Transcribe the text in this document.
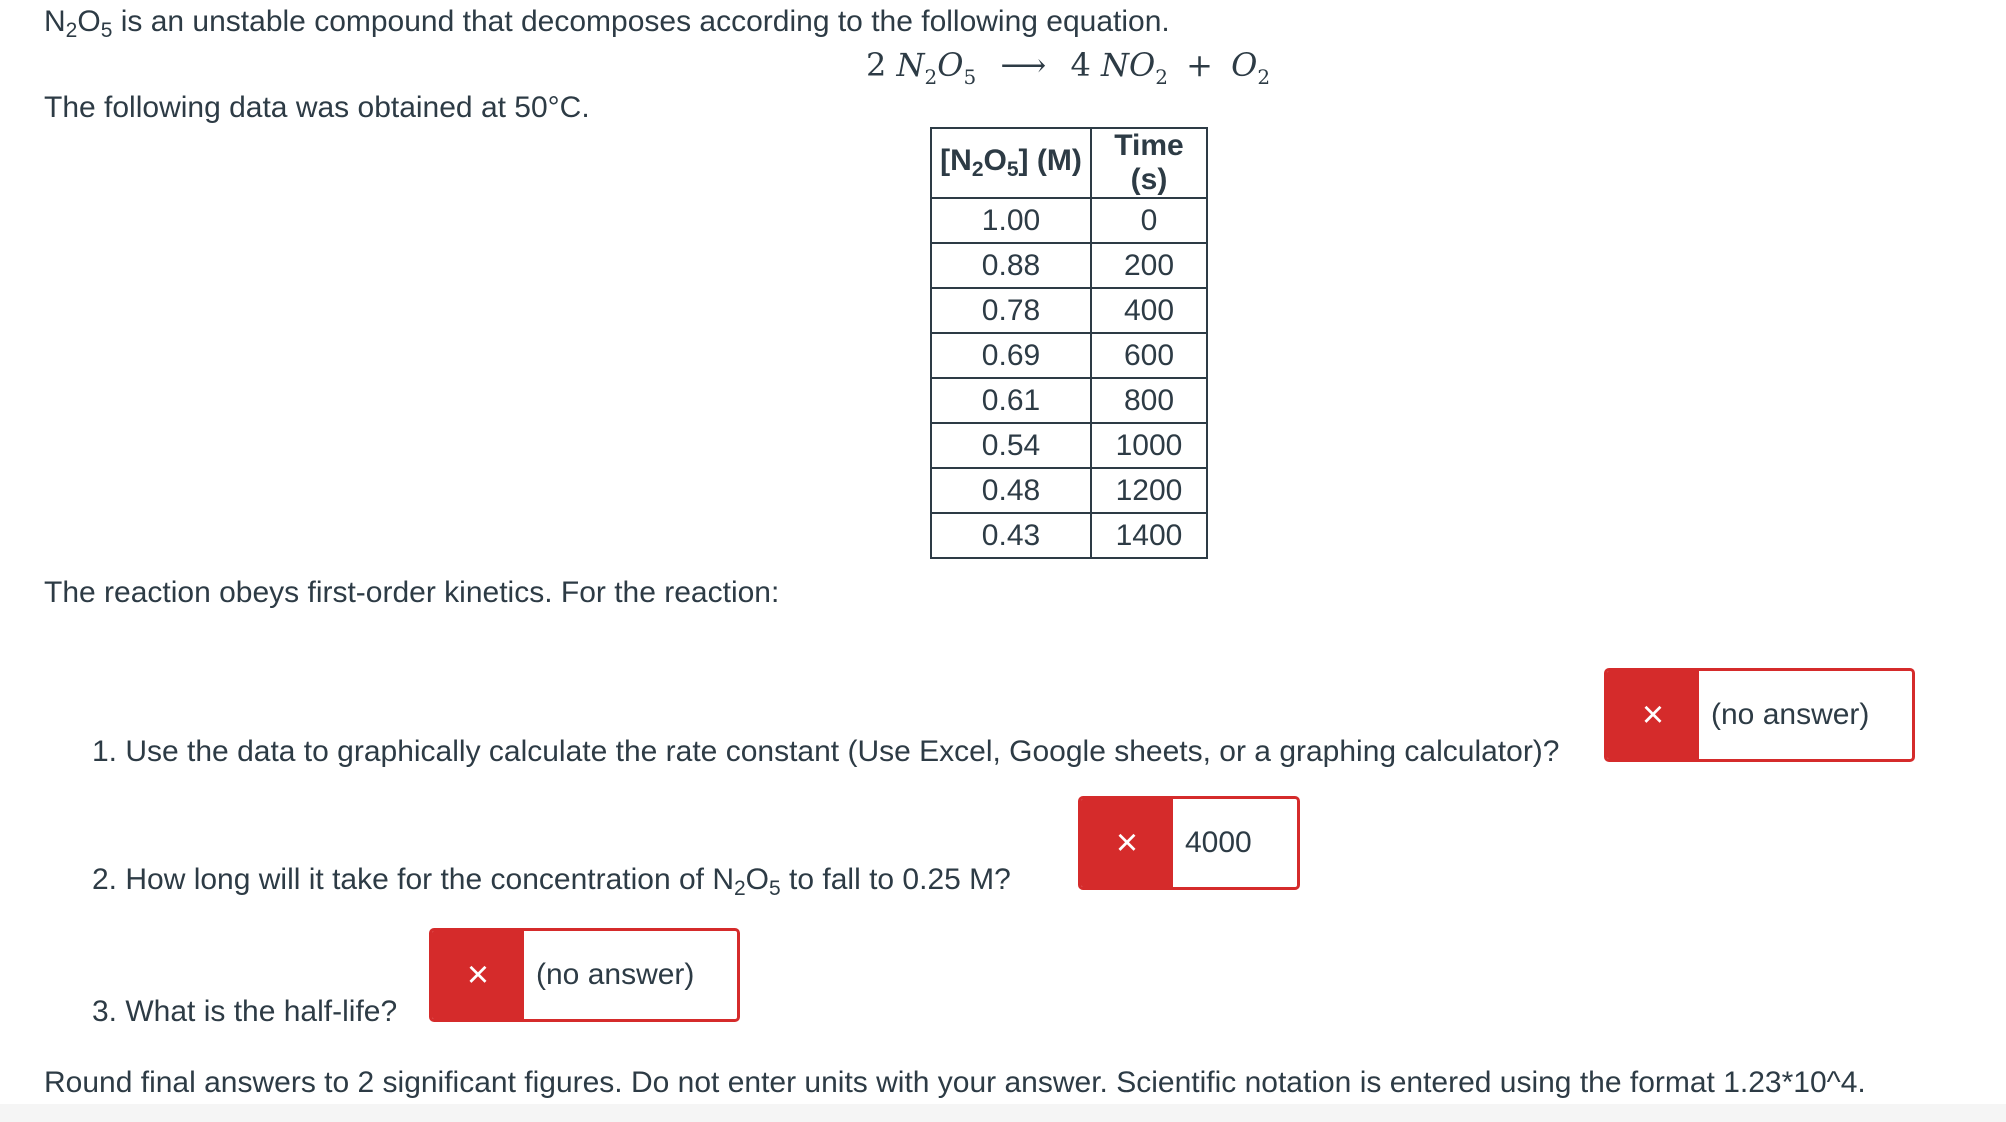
$N_2O_5$ is an unstable compound that decomposes according to the following equation.
2 $N_2O_5$ ⟶ 4 $NO_2 + O_2$
The following data was obtained at 50°C.
$[N_2O_5]$ (M)	Time (s)
1.00	0
0.88	200
0.78	400
0.69	600
0.61	800
0.54	1000
0.48	1200
0.43	1400
The reaction obeys first-order kinetics. For the reaction:
1. Use the data to graphically calculate the rate constant (Use Excel, Google sheets, or a graphing calculator)?
×	(no answer)
2. How long will it take for the concentration of $N_2O_5$ to fall to 0.25 M?
×	4000
3. What is the half-life?
×	(no answer)
Round final answers to 2 significant figures. Do not enter units with your answer. Scientific notation is entered using the format 1.23*10^4.
